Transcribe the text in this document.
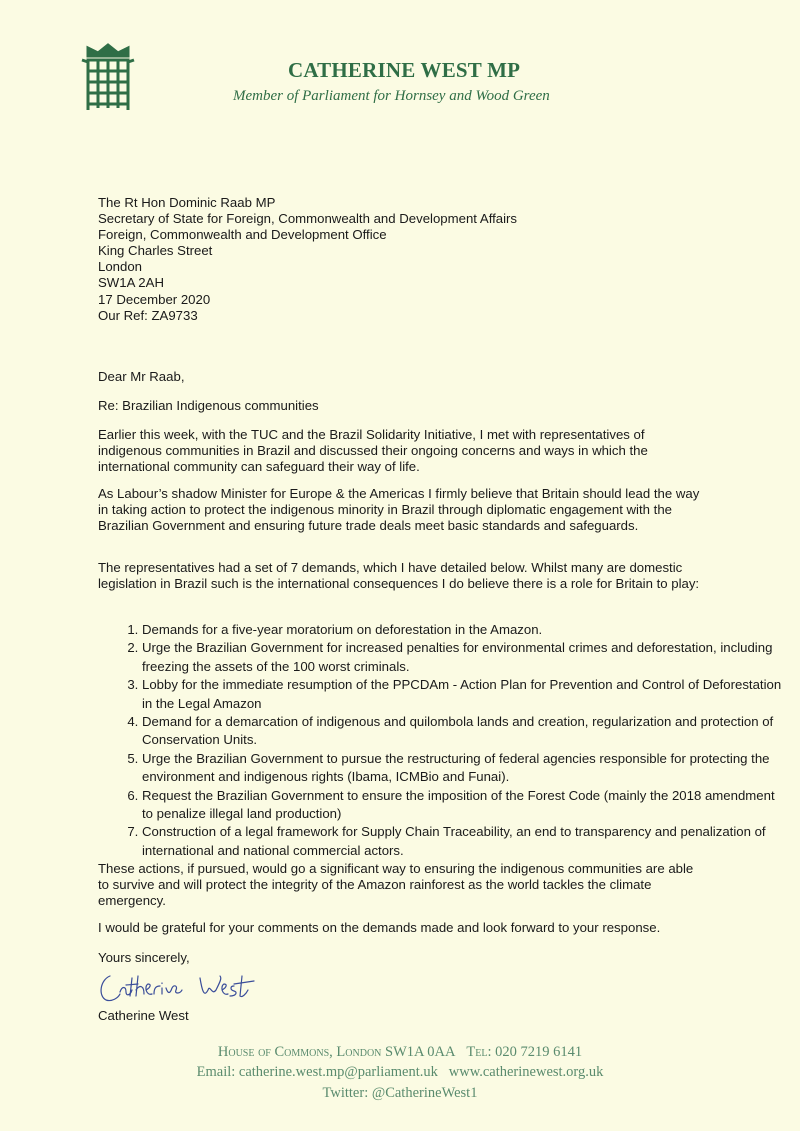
CATHERINE WEST MP
Member of Parliament for Hornsey and Wood Green
The Rt Hon Dominic Raab MP
Secretary of State for Foreign, Commonwealth and Development Affairs
Foreign, Commonwealth and Development Office
King Charles Street
London
SW1A 2AH
17 December 2020
Our Ref: ZA9733
Dear Mr Raab,
Re: Brazilian Indigenous communities

Earlier this week, with the TUC and the Brazil Solidarity Initiative, I met with representatives of indigenous communities in Brazil and discussed their ongoing concerns and ways in which the international community can safeguard their way of life.

As Labour’s shadow Minister for Europe & the Americas I firmly believe that Britain should lead the way in taking action to protect the indigenous minority in Brazil through diplomatic engagement with the Brazilian Government and ensuring future trade deals meet basic standards and safeguards.

The representatives had a set of 7 demands, which I have detailed below. Whilst many are domestic legislation in Brazil such is the international consequences I do believe there is a role for Britain to play:

1. Demands for a five-year moratorium on deforestation in the Amazon.
2. Urge the Brazilian Government for increased penalties for environmental crimes and deforestation, including freezing the assets of the 100 worst criminals.
3. Lobby for the immediate resumption of the PPCDAm - Action Plan for Prevention and Control of Deforestation in the Legal Amazon
4. Demand for a demarcation of indigenous and quilombola lands and creation, regularization and protection of Conservation Units.
5. Urge the Brazilian Government to pursue the restructuring of federal agencies responsible for protecting the environment and indigenous rights (Ibama, ICMBio and Funai).
6. Request the Brazilian Government to ensure the imposition of the Forest Code (mainly the 2018 amendment to penalize illegal land production)
7. Construction of a legal framework for Supply Chain Traceability, an end to transparency and penalization of international and national commercial actors.

These actions, if pursued, would go a significant way to ensuring the indigenous communities are able to survive and will protect the integrity of the Amazon rainforest as the world tackles the climate emergency.

I would be grateful for your comments on the demands made and look forward to your response.

Yours sincerely,
Catherine West
House of Commons, London SW1A 0AA Tel: 020 7219 6141
Email: catherine.west.mp@parliament.uk www.catherinewest.org.uk
Twitter: @CatherineWest1
